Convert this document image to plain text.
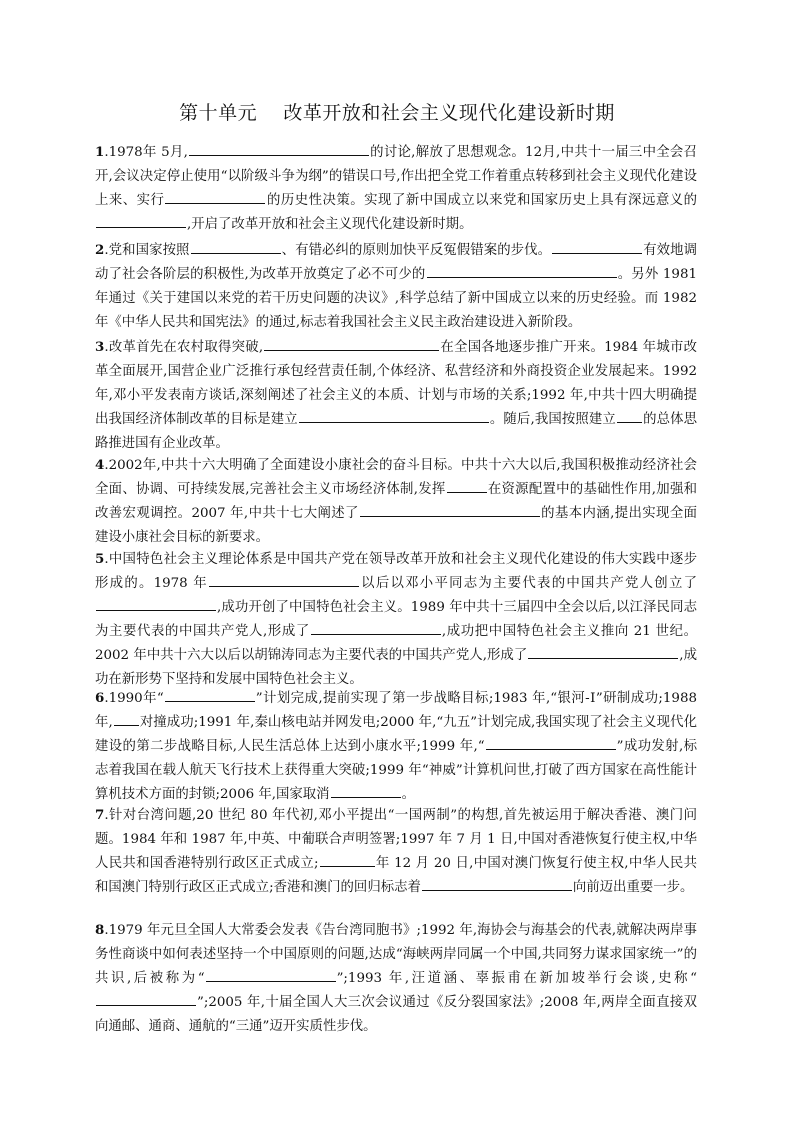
第十单元    改革开放和社会主义现代化建设新时期
1.1978年 5月,	的讨论,解放了思想观念。12月,中共十一届三中全会召开,会议决定停止使用“以阶级斗争为纲”的错误口号,作出把全党工作着重点转移到社会主义现代化建设上来、实行	的历史性决策。实现了新中国成立以来党和国家历史上具有深远意义的,开启了改革开放和社会主义现代化建设新时期。
2.党和国家按照	、有错必纠的原则加快平反冤假错案的步伐。	有效地调动了社会各阶层的积极性,为改革开放奠定了必不可少的	。另外 1981 年通过《关于建国以来党的若干历史问题的决议》,科学总结了新中国成立以来的历史经验。而 1982年《中华人民共和国宪法》的通过,标志着我国社会主义民主政治建设进入新阶段。
3.改革首先在农村取得突破,	在全国各地逐步推广开来。1984 年城市改革全面展开,国营企业广泛推行承包经营责任制,个体经济、私营经济和外商投资企业发展起来。1992 年,邓小平发表南方谈话,深刻阐述了社会主义的本质、计划与市场的关系;1992 年,中共十四大明确提出我国经济体制改革的目标是建立	。随后,我国按照建立 的总体思路推进国有企业改革。
4.2002年,中共十六大明确了全面建设小康社会的奋斗目标。中共十六大以后,我国积极推动经济社会全面、协调、可持续发展,完善社会主义市场经济体制,发挥	在资源配置中的基础性作用,加强和改善宏观调控。2007 年,中共十七大阐述了	的基本内涵,提出实现全面建设小康社会目标的新要求。
5.中国特色社会主义理论体系是中国共产党在领导改革开放和社会主义现代化建设的伟大实践中逐步形成的。1978 年	以后以邓小平同志为主要代表的中国共产党人创立了,成功开创了中国特色社会主义。1989 年中共十三届四中全会以后,以江泽民同志为主要代表的中国共产党人,形成了	,成功把中国特色社会主义推向 21 世纪。2002 年中共十六大以后以胡锦涛同志为主要代表的中国共产党人,形成了	,成功在新形势下坚持和发展中国特色社会主义。
6.1990年“	”计划完成,提前实现了第一步战略目标;1983 年,“银河-Ⅰ”研制成功;1988 年, 对撞成功;1991 年,秦山核电站并网发电;2000 年,“九五”计划完成,我国实现了社会主义现代化建设的第二步战略目标,人民生活总体上达到小康水平;1999 年,“	”成功发射,标志着我国在载人航天飞行技术上获得重大突破;1999 年“神威”计算机问世,打破了西方国家在高性能计算机技术方面的封锁;2006 年,国家取消	。
7.针对台湾问题,20 世纪 80 年代初,邓小平提出“一国两制”的构想,首先被运用于解决香港、澳门问题。1984 年和 1987 年,中英、中葡联合声明签署;1997 年 7 月 1 日,中国对香港恢复行使主权,中华人民共和国香港特别行政区正式成立;	年 12 月 20 日,中国对澳门恢复行使主权,中华人民共和国澳门特别行政区正式成立;香港和澳门的回归标志着	向前迈出重要一步。
8.1979 年元旦全国人大常委会发表《告台湾同胞书》;1992 年,海协会与海基会的代表,就解决两岸事务性商谈中如何表述坚持一个中国原则的问题,达成“海峡两岸同属一个中国,共同努力谋求国家统一”的共识,后被称为“	”;1993 年,汪道涵、辜振甫在新加坡举行会谈,史称“”;2005 年,十届全国人大三次会议通过《反分裂国家法》;2008 年,两岸全面直接双向通邮、通商、通航的“三通”迈开实质性步伐。
